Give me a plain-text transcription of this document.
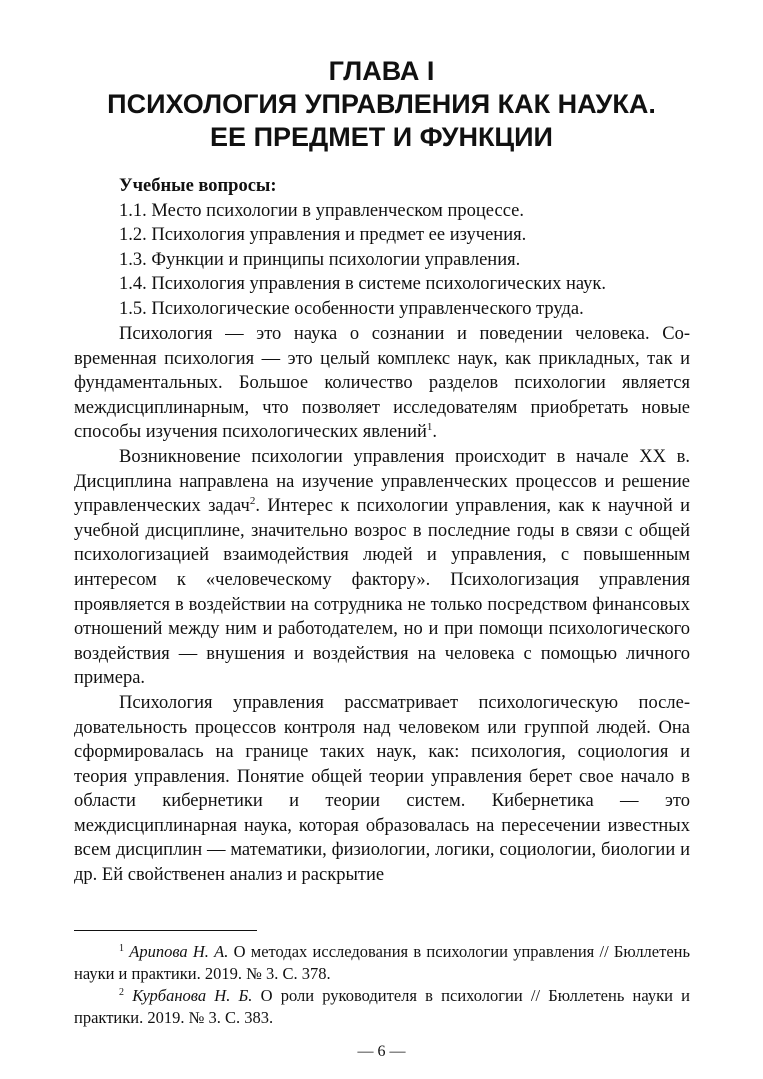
ГЛАВА I
ПСИХОЛОГИЯ УПРАВЛЕНИЯ КАК НАУКА.
ЕЕ ПРЕДМЕТ И ФУНКЦИИ
Учебные вопросы:
1.1. Место психологии в управленческом процессе.
1.2. Психология управления и предмет ее изучения.
1.3. Функции и принципы психологии управления.
1.4. Психология управления в системе психологических наук.
1.5. Психологические особенности управленческого труда.

Психология — это наука о сознании и поведении человека. Современная психология — это целый комплекс наук, как прикладных, так и фундаментальных. Большое количество разделов психологии является междисциплинарным, что позволяет исследователям приобретать новые способы изучения психологических явлений$^1$.

Возникновение психологии управления происходит в начале XX в. Дисциплина направлена на изучение управленческих процессов и решение управленческих задач$^2$. Интерес к психологии управления, как к научной и учебной дисциплине, значительно возрос в последние годы в связи с общей психологизацией взаимодействия людей и управления, с повышенным интересом к «человеческому фактору». Психологизация управления проявляется в воздействии на сотрудника не только посредством финансовых отношений между ним и работодателем, но и при помощи психологического воздействия — внушения и воздействия на человека с помощью личного примера.

Психология управления рассматривает психологическую последовательность процессов контроля над человеком или группой людей. Она сформировалась на границе таких наук, как: психология, социология и теория управления. Понятие общей теории управления берет свое начало в области кибернетики и теории систем. Кибернетика — это междисциплинарная наука, которая образовалась на пересечении известных всем дисциплин — математики, физиологии, логики, социологии, биологии и др. Ей свойственен анализ и раскрытие

$^1$ Арипова Н. А. О методах исследования в психологии управления // Бюллетень науки и практики. 2019. № 3. С. 378.

$^2$ Курбанова Н. Б. О роли руководителя в психологии // Бюллетень науки и практики. 2019. № 3. С. 383.

— 6 —
